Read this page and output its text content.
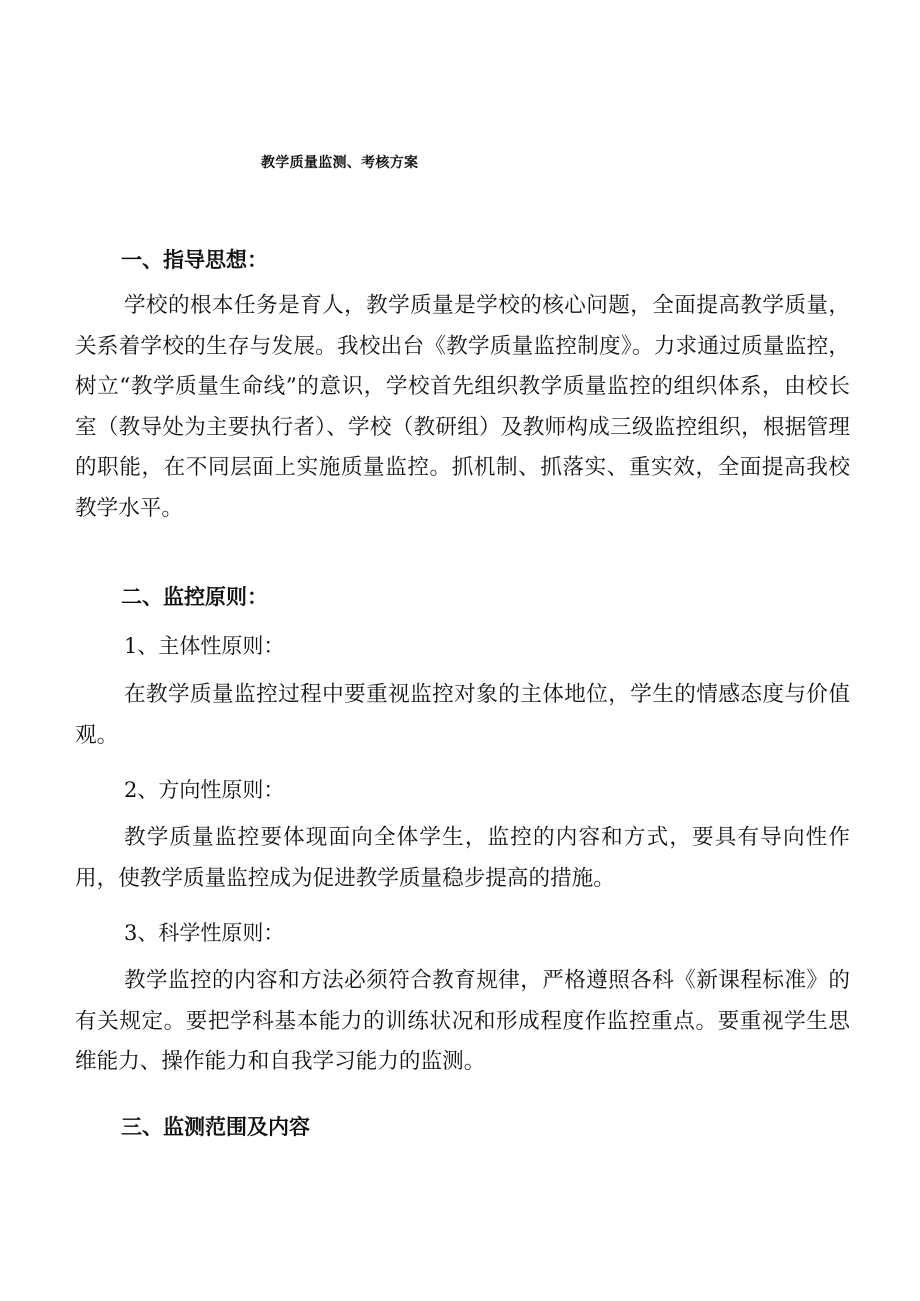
教学质量监测、考核方案
一、指导思想：

学校的根本任务是育人，教学质量是学校的核心问题，全面提高教学质量，关系着学校的生存与发展。我校出台《教学质量监控制度》。力求通过质量监控，树立“教学质量生命线”的意识，学校首先组织教学质量监控的组织体系，由校长室（教导处为主要执行者）、学校（教研组）及教师构成三级监控组织，根据管理的职能，在不同层面上实施质量监控。抓机制、抓落实、重实效，全面提高我校教学水平。

二、监控原则：
1、主体性原则：

在教学质量监控过程中要重视监控对象的主体地位，学生的情感态度与价值观。

2、方向性原则：

教学质量监控要体现面向全体学生，监控的内容和方式，要具有导向性作用，使教学质量监控成为促进教学质量稳步提高的措施。

3、科学性原则：

教学监控的内容和方法必须符合教育规律，严格遵照各科《新课程标准》的有关规定。要把学科基本能力的训练状况和形成程度作监控重点。要重视学生思维能力、操作能力和自我学习能力的监测。

三、监测范围及内容
